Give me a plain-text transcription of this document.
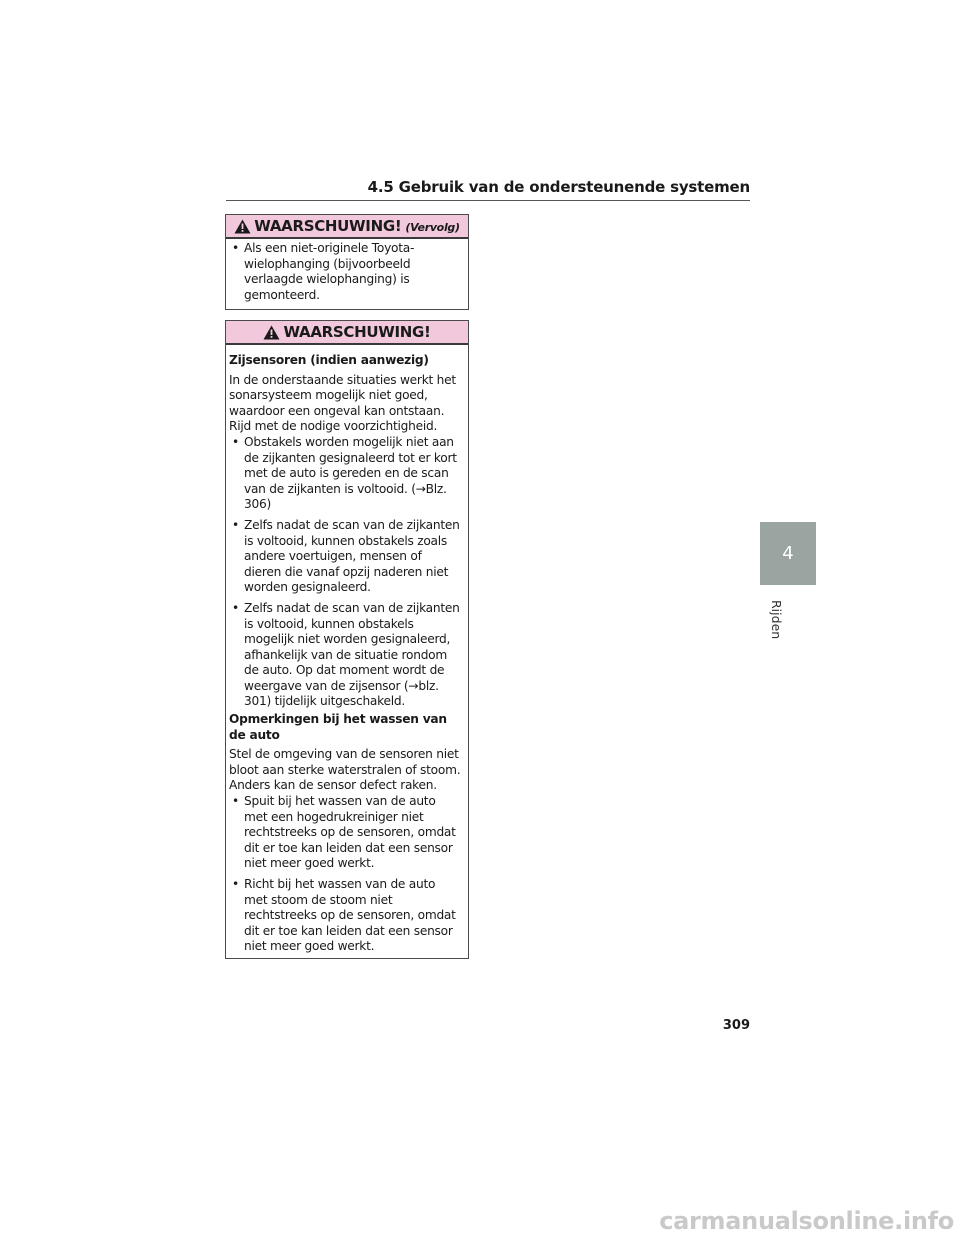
4.5 Gebruik van de ondersteunende systemen
WAARSCHUWING! (Vervolg)
• Als een niet-originele Toyota-wielophanging (bijvoorbeeld verlaagde wielophanging) is gemonteerd.
WAARSCHUWING!
Zijsensoren (indien aanwezig)
In de onderstaande situaties werkt het sonarsysteem mogelijk niet goed, waardoor een ongeval kan ontstaan. Rijd met de nodige voorzichtigheid.
• Obstakels worden mogelijk niet aan de zijkanten gesignaleerd tot er kort met de auto is gereden en de scan van de zijkanten is voltooid. (→Blz. 306)
• Zelfs nadat de scan van de zijkanten is voltooid, kunnen obstakels zoals andere voertuigen, mensen of dieren die vanaf opzij naderen niet worden gesignaleerd.
• Zelfs nadat de scan van de zijkanten is voltooid, kunnen obstakels mogelijk niet worden gesignaleerd, afhankelijk van de situatie rondom de auto. Op dat moment wordt de weergave van de zijsensor (→blz. 301) tijdelijk uitgeschakeld.
Opmerkingen bij het wassen van de auto
Stel de omgeving van de sensoren niet bloot aan sterke waterstralen of stoom. Anders kan de sensor defect raken.
• Spuit bij het wassen van de auto met een hogedrukreiniger niet rechtstreeks op de sensoren, omdat dit er toe kan leiden dat een sensor niet meer goed werkt.
• Richt bij het wassen van de auto met stoom de stoom niet rechtstreeks op de sensoren, omdat dit er toe kan leiden dat een sensor niet meer goed werkt.
4
Rijden
309
carmanualsonline.info
